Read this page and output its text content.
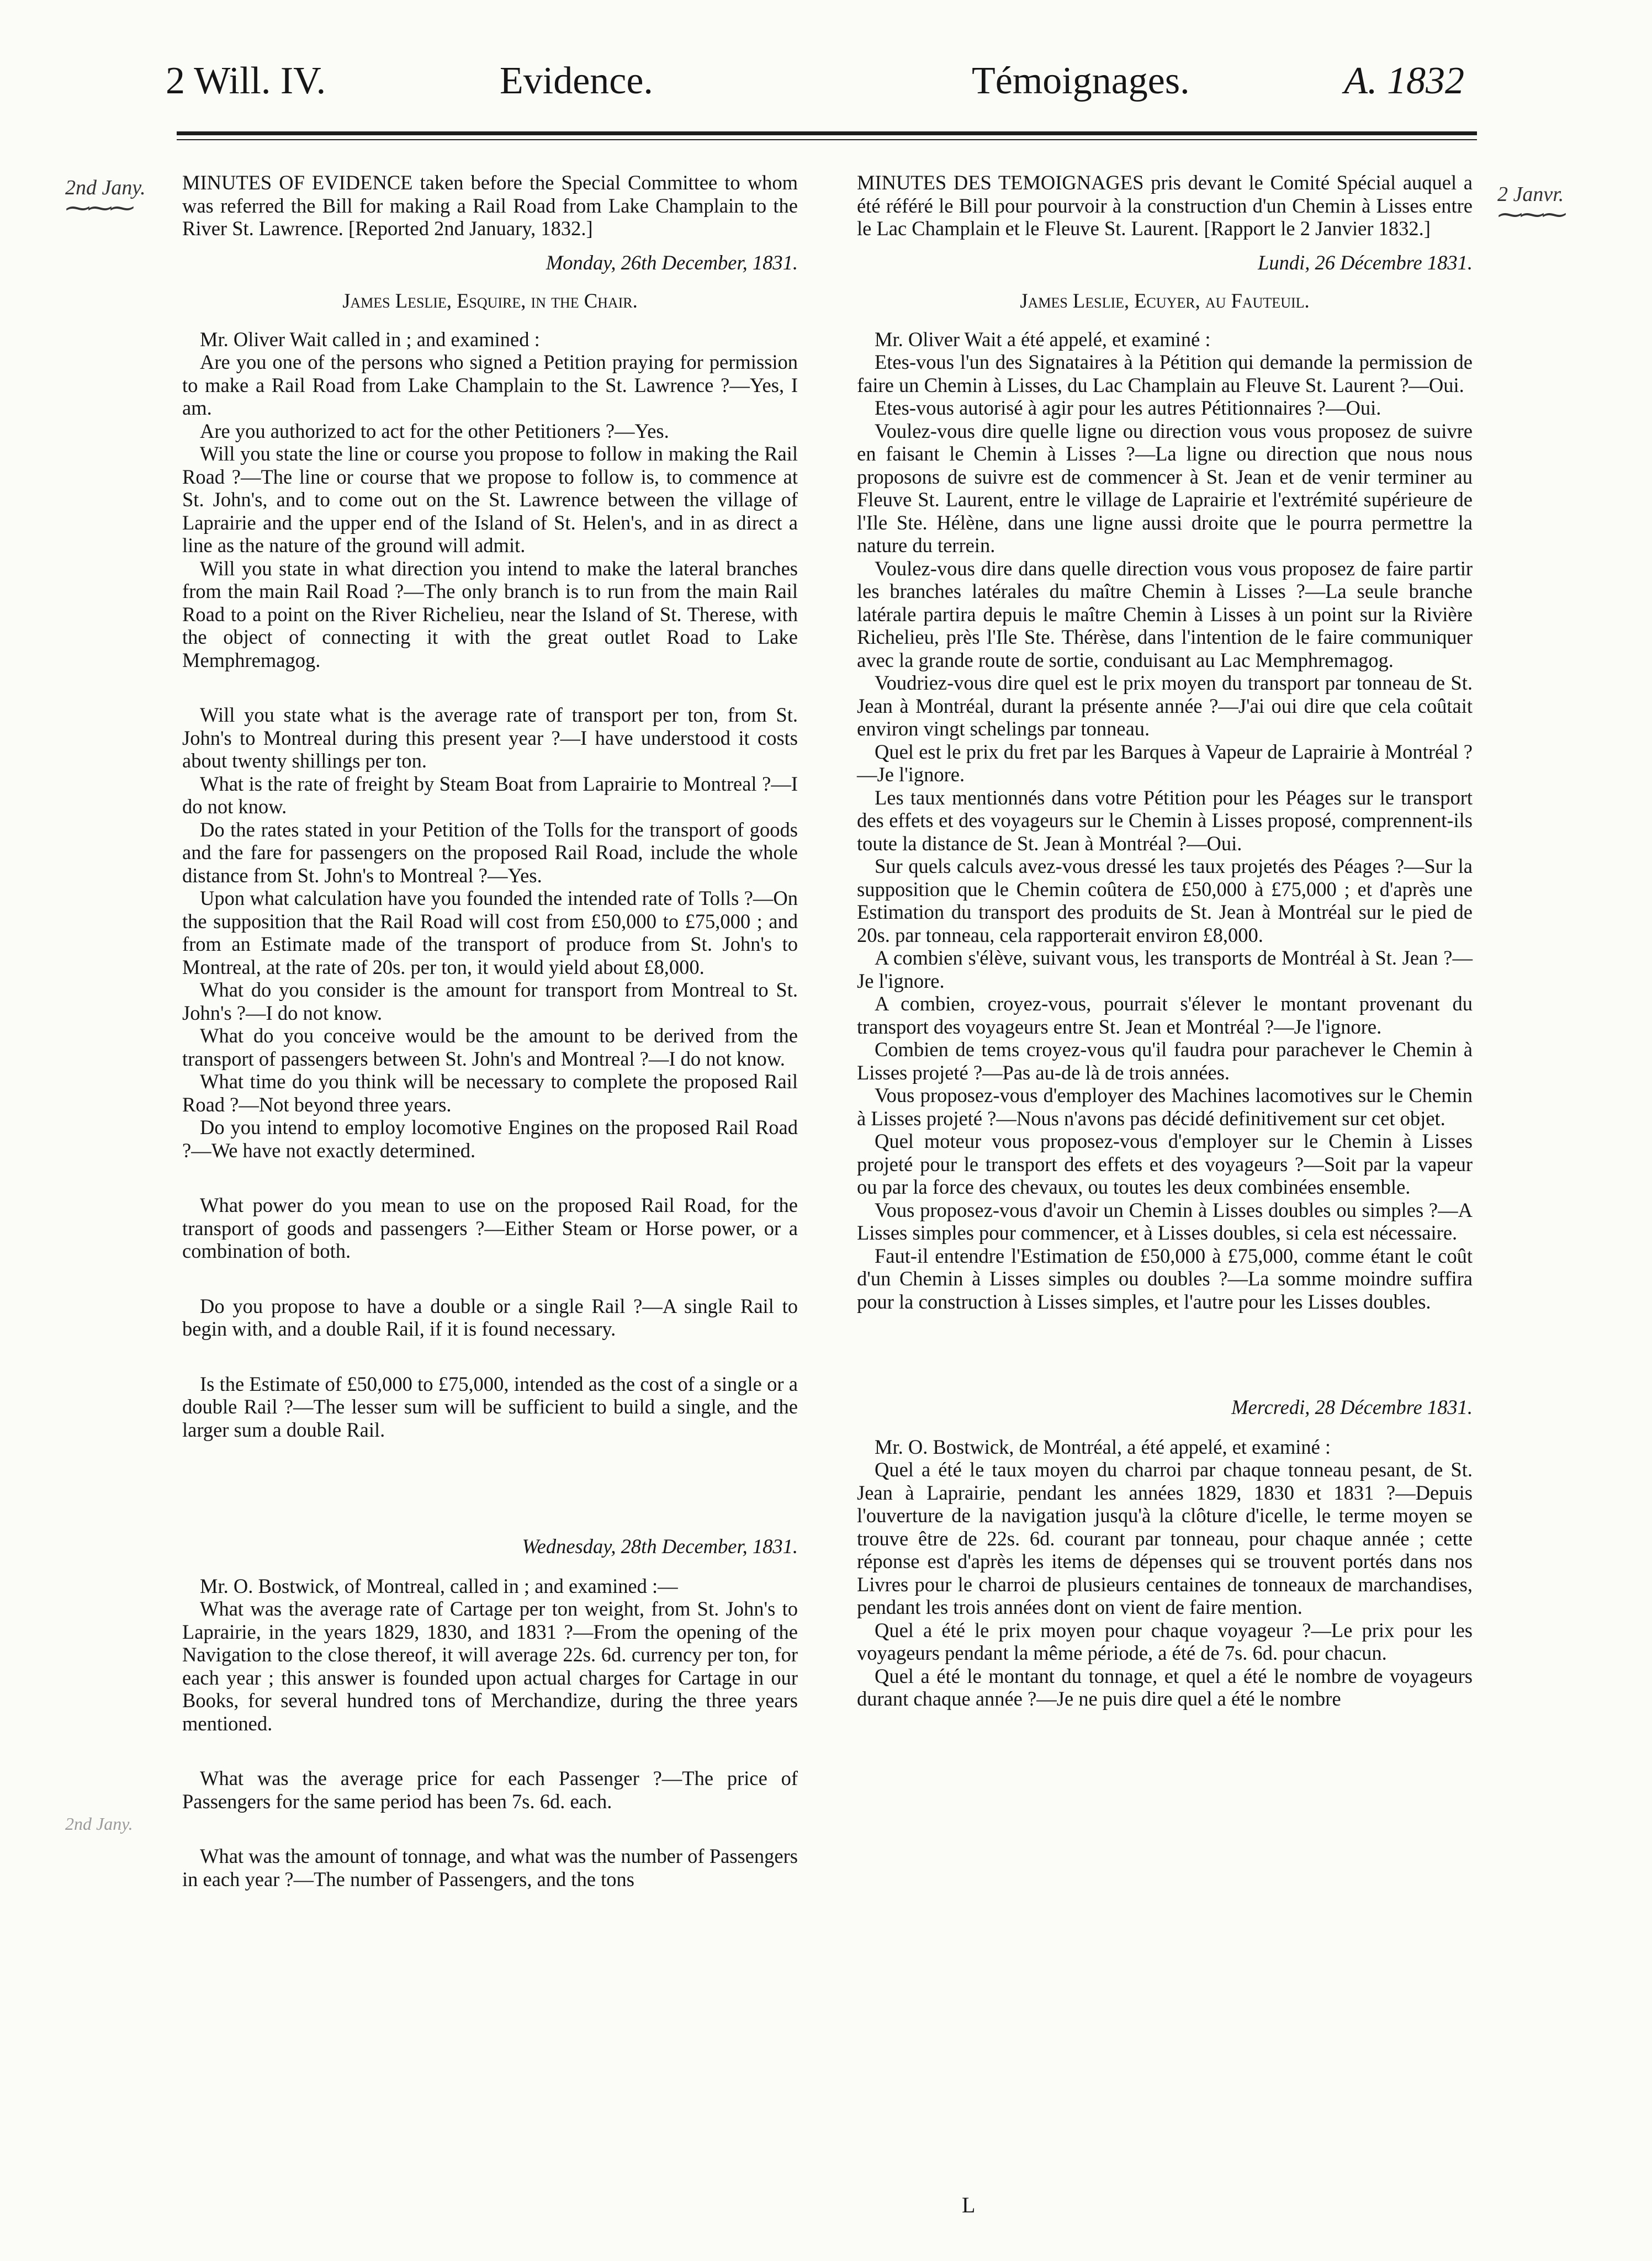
2 Will. IV.	Evidence.	Témoignages.	A. 1832
2nd Jany.
⁓⁓⁓	2 Janvr.
⁓⁓⁓
2nd Jany.

MINUTES OF EVIDENCE taken before the Special Committee to whom was referred the Bill for making a Rail Road from Lake Champlain to the River St. Lawrence. [Reported 2nd January, 1832.]

Monday, 26th December, 1831.

James Leslie, Esquire, in the Chair.

Mr. Oliver Wait called in ; and examined :

Are you one of the persons who signed a Petition praying for permission to make a Rail Road from Lake Champlain to the St. Lawrence ?—Yes, I am.

Are you authorized to act for the other Petitioners ?—Yes.

Will you state the line or course you propose to follow in making the Rail Road ?—The line or course that we propose to follow is, to commence at St. John's, and to come out on the St. Lawrence between the village of Laprairie and the upper end of the Island of St. Helen's, and in as direct a line as the nature of the ground will admit.

Will you state in what direction you intend to make the lateral branches from the main Rail Road ?—The only branch is to run from the main Rail Road to a point on the River Richelieu, near the Island of St. Therese, with the object of connecting it with the great outlet Road to Lake Memphremagog.

Will you state what is the average rate of transport per ton, from St. John's to Montreal during this present year ?—I have understood it costs about twenty shillings per ton.

What is the rate of freight by Steam Boat from Laprairie to Montreal ?—I do not know.

Do the rates stated in your Petition of the Tolls for the transport of goods and the fare for passengers on the proposed Rail Road, include the whole distance from St. John's to Montreal ?—Yes.

Upon what calculation have you founded the intended rate of Tolls ?—On the supposition that the Rail Road will cost from £50,000 to £75,000 ; and from an Estimate made of the transport of produce from St. John's to Montreal, at the rate of 20s. per ton, it would yield about £8,000.

What do you consider is the amount for transport from Montreal to St. John's ?—I do not know.

What do you conceive would be the amount to be derived from the transport of passengers between St. John's and Montreal ?—I do not know.

What time do you think will be necessary to complete the proposed Rail Road ?—Not beyond three years.

Do you intend to employ locomotive Engines on the proposed Rail Road ?—We have not exactly determined.

What power do you mean to use on the proposed Rail Road, for the transport of goods and passengers ?—Either Steam or Horse power, or a combination of both.

Do you propose to have a double or a single Rail ?—A single Rail to begin with, and a double Rail, if it is found necessary.

Is the Estimate of £50,000 to £75,000, intended as the cost of a single or a double Rail ?—The lesser sum will be sufficient to build a single, and the larger sum a double Rail.

Wednesday, 28th December, 1831.

Mr. O. Bostwick, of Montreal, called in ; and examined :—

What was the average rate of Cartage per ton weight, from St. John's to Laprairie, in the years 1829, 1830, and 1831 ?—From the opening of the Navigation to the close thereof, it will average 22s. 6d. currency per ton, for each year ; this answer is founded upon actual charges for Cartage in our Books, for several hundred tons of Merchandize, during the three years mentioned.

What was the average price for each Passenger ?—The price of Passengers for the same period has been 7s. 6d. each.

What was the amount of tonnage, and what was the number of Passengers in each year ?—The number of Passengers, and the tons

MINUTES DES TEMOIGNAGES pris devant le Comité Spécial auquel a été référé le Bill pour pourvoir à la construction d'un Chemin à Lisses entre le Lac Champlain et le Fleuve St. Laurent. [Rapport le 2 Janvier 1832.]

Lundi, 26 Décembre 1831.

James Leslie, Ecuyer, au Fauteuil.

Mr. Oliver Wait a été appelé, et examiné :

Etes-vous l'un des Signataires à la Pétition qui demande la permission de faire un Chemin à Lisses, du Lac Champlain au Fleuve St. Laurent ?—Oui.

Etes-vous autorisé à agir pour les autres Pétitionnaires ?—Oui.

Voulez-vous dire quelle ligne ou direction vous vous proposez de suivre en faisant le Chemin à Lisses ?—La ligne ou direction que nous nous proposons de suivre est de commencer à St. Jean et de venir terminer au Fleuve St. Laurent, entre le village de Laprairie et l'extrémité supérieure de l'Ile Ste. Hélène, dans une ligne aussi droite que le pourra permettre la nature du terrein.

Voulez-vous dire dans quelle direction vous vous proposez de faire partir les branches latérales du maître Chemin à Lisses ?—La seule branche latérale partira depuis le maître Chemin à Lisses à un point sur la Rivière Richelieu, près l'Ile Ste. Thérèse, dans l'intention de le faire communiquer avec la grande route de sortie, conduisant au Lac Memphremagog.

Voudriez-vous dire quel est le prix moyen du transport par tonneau de St. Jean à Montréal, durant la présente année ?—J'ai oui dire que cela coûtait environ vingt schelings par tonneau.

Quel est le prix du fret par les Barques à Vapeur de Laprairie à Montréal ?—Je l'ignore.

Les taux mentionnés dans votre Pétition pour les Péages sur le transport des effets et des voyageurs sur le Chemin à Lisses proposé, comprennent-ils toute la distance de St. Jean à Montréal ?—Oui.

Sur quels calculs avez-vous dressé les taux projetés des Péages ?—Sur la supposition que le Chemin coûtera de £50,000 à £75,000 ; et d'après une Estimation du transport des produits de St. Jean à Montréal sur le pied de 20s. par tonneau, cela rapporterait environ £8,000.

A combien s'élève, suivant vous, les transports de Montréal à St. Jean ?—Je l'ignore.

A combien, croyez-vous, pourrait s'élever le montant provenant du transport des voyageurs entre St. Jean et Montréal ?—Je l'ignore.

Combien de tems croyez-vous qu'il faudra pour parachever le Chemin à Lisses projeté ?—Pas au-de là de trois années.

Vous proposez-vous d'employer des Machines lacomotives sur le Chemin à Lisses projeté ?—Nous n'avons pas décidé definitivement sur cet objet.

Quel moteur vous proposez-vous d'employer sur le Chemin à Lisses projeté pour le transport des effets et des voyageurs ?—Soit par la vapeur ou par la force des chevaux, ou toutes les deux combinées ensemble.

Vous proposez-vous d'avoir un Chemin à Lisses doubles ou simples ?—A Lisses simples pour commencer, et à Lisses doubles, si cela est nécessaire.

Faut-il entendre l'Estimation de £50,000 à £75,000, comme étant le coût d'un Chemin à Lisses simples ou doubles ?—La somme moindre suffira pour la construction à Lisses simples, et l'autre pour les Lisses doubles.

Mercredi, 28 Décembre 1831.

Mr. O. Bostwick, de Montréal, a été appelé, et examiné :

Quel a été le taux moyen du charroi par chaque tonneau pesant, de St. Jean à Laprairie, pendant les années 1829, 1830 et 1831 ?—Depuis l'ouverture de la navigation jusqu'à la clôture d'icelle, le terme moyen se trouve être de 22s. 6d. courant par tonneau, pour chaque année ; cette réponse est d'après les items de dépenses qui se trouvent portés dans nos Livres pour le charroi de plusieurs centaines de tonneaux de marchandises, pendant les trois années dont on vient de faire mention.

Quel a été le prix moyen pour chaque voyageur ?—Le prix pour les voyageurs pendant la même période, a été de 7s. 6d. pour chacun.

Quel a été le montant du tonnage, et quel a été le nombre de voyageurs durant chaque année ?—Je ne puis dire quel a été le nombre

L
